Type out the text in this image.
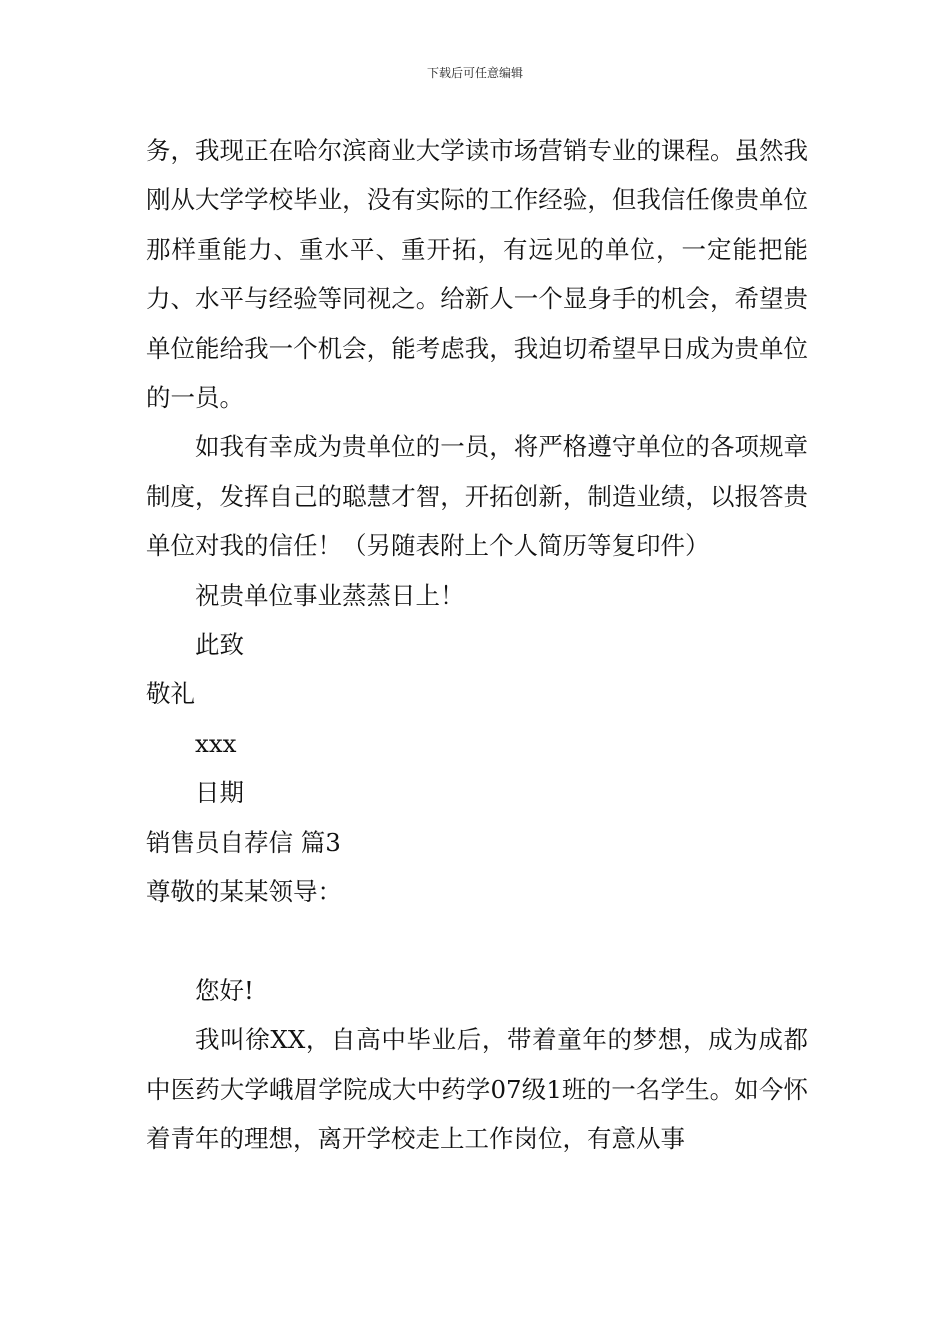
下载后可任意编辑

务，我现正在哈尔滨商业大学读市场营销专业的课程。虽然我刚从大学学校毕业，没有实际的工作经验，但我信任像贵单位那样重能力、重水平、重开拓，有远见的单位，一定能把能力、水平与经验等同视之。给新人一个显身手的机会，希望贵单位能给我一个机会，能考虑我，我迫切希望早日成为贵单位的一员。

如我有幸成为贵单位的一员，将严格遵守单位的各项规章制度，发挥自己的聪慧才智，开拓创新，制造业绩，以报答贵单位对我的信任！（另随表附上个人简历等复印件）

祝贵单位事业蒸蒸日上！

此致

敬礼

xxx

日期

销售员自荐信 篇3

尊敬的某某领导：

您好!

我叫徐XX，自高中毕业后，带着童年的梦想，成为成都中医药大学峨眉学院成大中药学07级1班的一名学生。如今怀着青年的理想，离开学校走上工作岗位，有意从事
